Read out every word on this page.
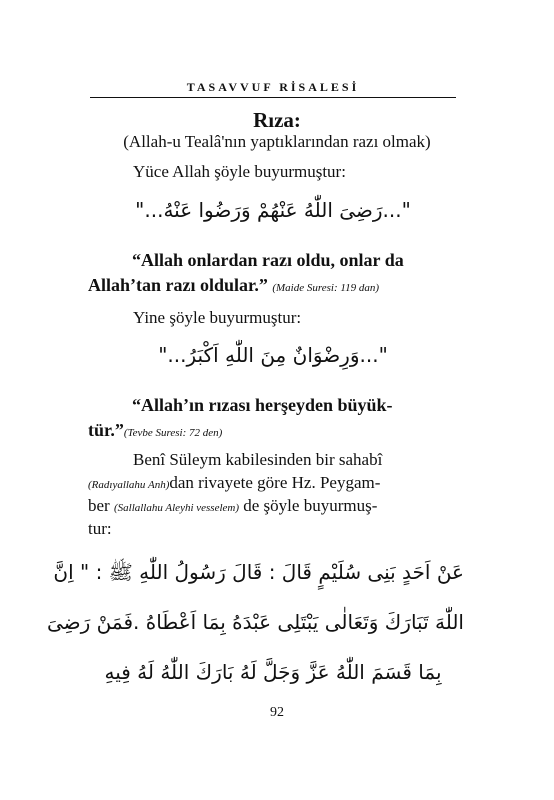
TASAVVUF RİSALESİ
Rıza:
(Allah-u Tealâ'nın yaptıklarından razı olmak)
Yüce Allah şöyle buyurmuştur:
"...رَضِىَ اللّٰهُ عَنْهُمْ وَرَضُوا عَنْهُ..."
“Allah onlardan razı oldu, onlar da
Allah’tan razı oldular.” (Maide Suresi: 119 dan)
Yine şöyle buyurmuştur:
"...وَرِضْوَانٌ مِنَ اللّٰهِ اَكْبَرُ..."
“Allah’ın rızası herşeyden büyük-
tür.”(Tevbe Suresi: 72 den)
Benî Süleym kabilesinden bir sahabî
(Radıyallahu Anh)dan rivayete göre Hz. Peygam-
ber (Sallallahu Aleyhi vesselem) de şöyle buyurmuş-
tur:
عَنْ اَحَدٍ بَنِى سُلَيْمٍ قَالَ : قَالَ رَسُولُ اللّٰهِ ﷺ : " اِنَّ
اللّٰهَ تَبَارَكَ وَتَعَالٰى يَبْتَلِى عَبْدَهُ بِمَا اَعْطَاهُ .فَمَنْ رَضِىَ
بِمَا قَسَمَ اللّٰهُ عَزَّ وَجَلَّ لَهُ بَارَكَ اللّٰهُ لَهُ فِيهِ
92
